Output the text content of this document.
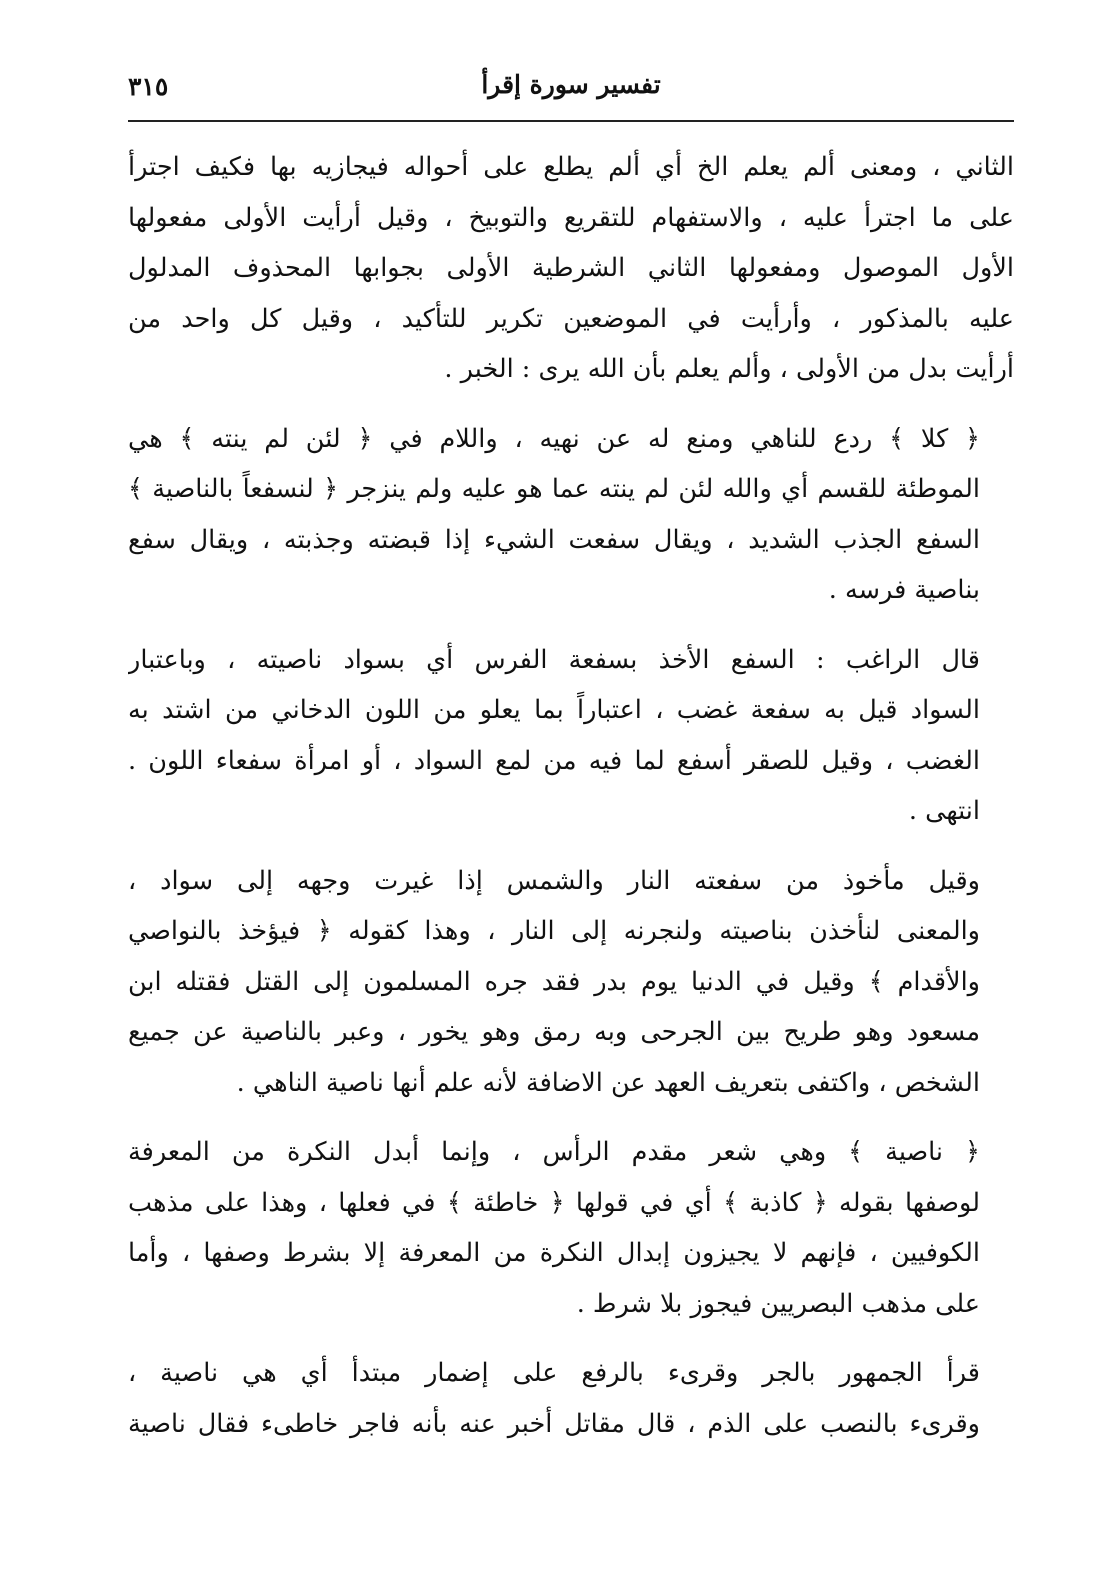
٣١٥	تفسير سورة إقرأ

الثاني ، ومعنى ألم يعلم الخ أي ألم يطلع على أحواله فيجازيه بها فكيف اجترأ
على ما اجترأ عليه ، والاستفهام للتقريع والتوبيخ ، وقيل أرأيت الأولى مفعولها
الأول الموصول ومفعولها الثاني الشرطية الأولى بجوابها المحذوف المدلول
عليه بالمذكور ، وأرأيت في الموضعين تكرير للتأكيد ، وقيل كل واحد من
أرأيت بدل من الأولى ، وألم يعلم بأن الله يرى : الخبر .

﴿ كلا ﴾ ردع للناهي ومنع له عن نهيه ، واللام في ﴿ لئن لم ينته ﴾ هي
الموطئة للقسم أي والله لئن لم ينته عما هو عليه ولم ينزجر ﴿ لنسفعاً بالناصية ﴾
السفع الجذب الشديد ، ويقال سفعت الشيء إذا قبضته وجذبته ، ويقال سفع
بناصية فرسه .

قال الراغب : السفع الأخذ بسفعة الفرس أي بسواد ناصيته ، وباعتبار
السواد قيل به سفعة غضب ، اعتباراً بما يعلو من اللون الدخاني من اشتد به
الغضب ، وقيل للصقر أسفع لما فيه من لمع السواد ، أو امرأة سفعاء اللون .
انتهى .

وقيل مأخوذ من سفعته النار والشمس إذا غيرت وجهه إلى سواد ،
والمعنى لنأخذن بناصيته ولنجرنه إلى النار ، وهذا كقوله ﴿ فيؤخذ بالنواصي
والأقدام ﴾ وقيل في الدنيا يوم بدر فقد جره المسلمون إلى القتل فقتله ابن
مسعود وهو طريح بين الجرحى وبه رمق وهو يخور ، وعبر بالناصية عن جميع
الشخص ، واكتفى بتعريف العهد عن الاضافة لأنه علم أنها ناصية الناهي .

﴿ ناصية ﴾ وهي شعر مقدم الرأس ، وإنما أبدل النكرة من المعرفة
لوصفها بقوله ﴿ كاذبة ﴾ أي في قولها ﴿ خاطئة ﴾ في فعلها ، وهذا على مذهب
الكوفيين ، فإنهم لا يجيزون إبدال النكرة من المعرفة إلا بشرط وصفها ، وأما
على مذهب البصريين فيجوز بلا شرط .

قرأ الجمهور بالجر وقرىء بالرفع على إضمار مبتدأ أي هي ناصية ،
وقرىء بالنصب على الذم ، قال مقاتل أخبر عنه بأنه فاجر خاطىء فقال ناصية
